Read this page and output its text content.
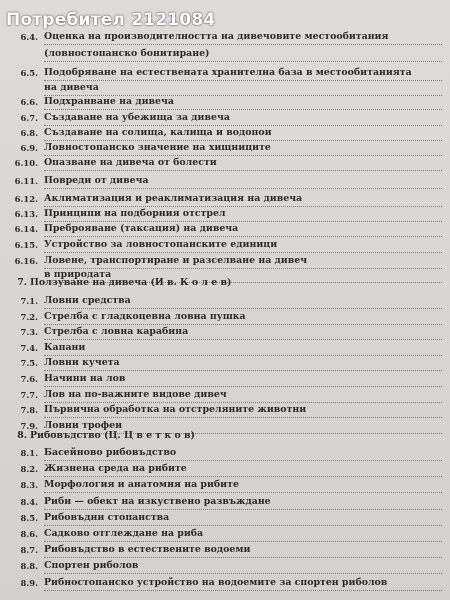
Потребител 2121084
6.4. Оценка на производителността на дивечовите местообитания
(ловностопанско бонитиране)
6.5. Подобряване на естествената хранителна база в местообитанията
на дивеча
6.6. Подхранване на дивеча
6.7. Създаване на убежища за дивеча
6.8. Създаване на солища, калища и водопои
6.9. Ловностопанско значение на хищниците
6.10. Опазване на дивеча от болести
6.11. Повреди от дивеча
6.12. Аклиматизация и реаклиматизация на дивеча
6.13. Принципи на подборния отстрел
6.14. Преброяване (таксация) на дивеча
6.15. Устройство за ловностопанските единици
6.16. Ловене, транспортиране и разселване на дивеч
в природата
7. Ползуване на дивеча (И в. К о л е в)
7.1. Ловни средства
7.2. Стрелба с гладкоцевна ловна пушка
7.3. Стрелба с ловна карабина
7.4. Капани
7.5. Ловни кучета
7.6. Начини на лов
7.7. Лов на по-важните видове дивеч
7.8. Първична обработка на отстреляните животни
7.9. Ловни трофеи
8. Рибовъдство (Ц. Ц в е т к о в)
8.1. Басейново рибовъдство
8.2. Жизнена среда на рибите
8.3. Морфология и анатомия на рибите
8.4. Риби — обект на изкуствено развъждане
8.5. Рибовъдни стопанства
8.6. Садково отглеждане на риба
8.7. Рибовъдство в естествените водоеми
8.8. Спортен риболов
8.9. Рибностопанско устройство на водоемите за спортен риболов
